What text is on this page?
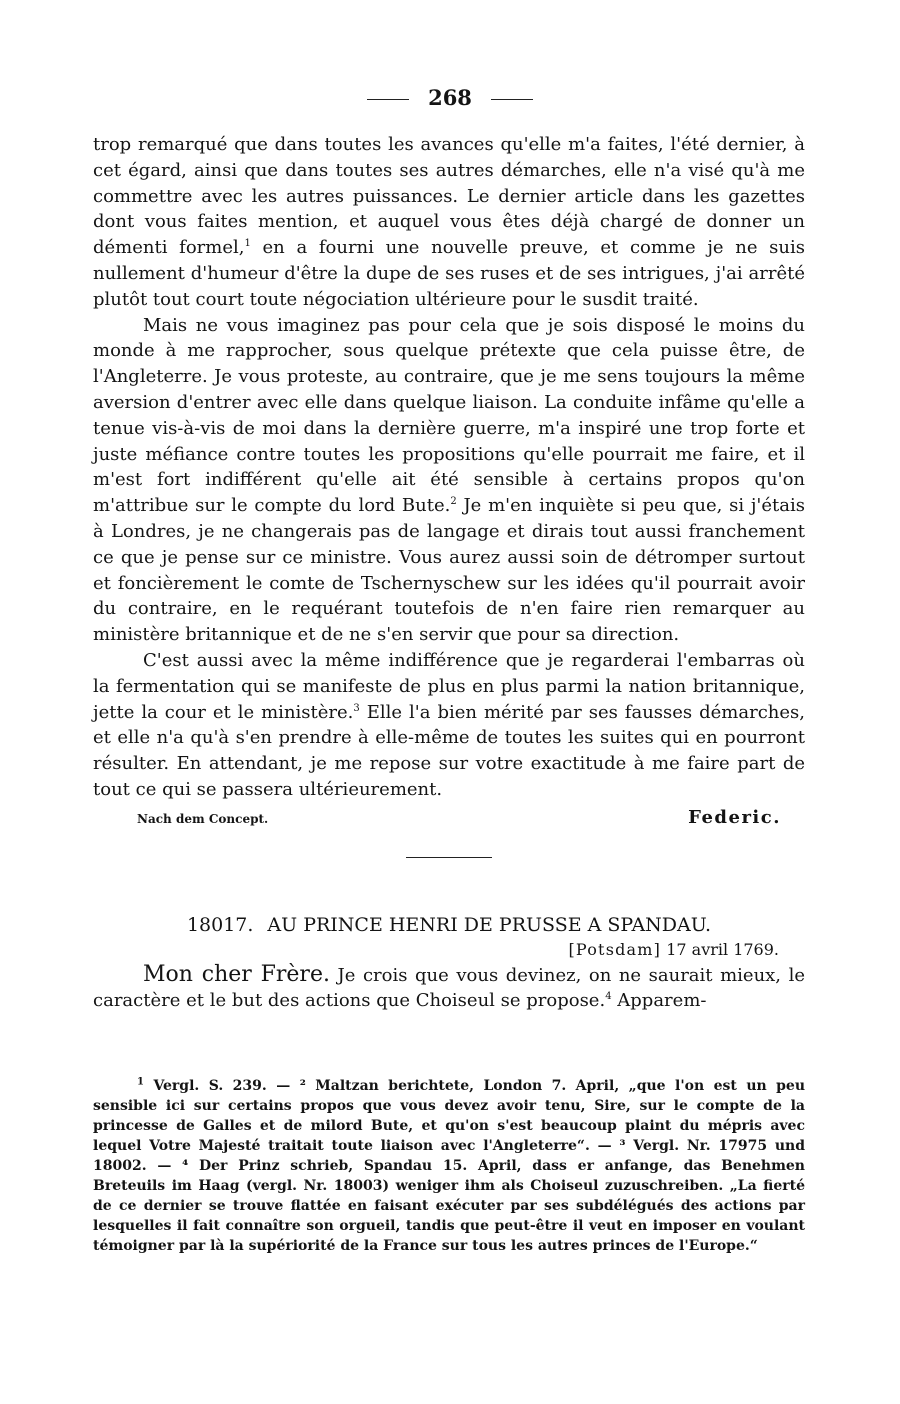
268

trop remarqué que dans toutes les avances qu'elle m'a faites, l'été dernier, à cet égard, ainsi que dans toutes ses autres démarches, elle n'a visé qu'à me commettre avec les autres puissances. Le dernier article dans les gazettes dont vous faites mention, et auquel vous êtes déjà chargé de donner un démenti formel,$^1$ en a fourni une nouvelle preuve, et comme je ne suis nullement d'humeur d'être la dupe de ses ruses et de ses intrigues, j'ai arrêté plutôt tout court toute négociation ultérieure pour le susdit traité.

Mais ne vous imaginez pas pour cela que je sois disposé le moins du monde à me rapprocher, sous quelque prétexte que cela puisse être, de l'Angleterre. Je vous proteste, au contraire, que je me sens toujours la même aversion d'entrer avec elle dans quelque liaison. La conduite infâme qu'elle a tenue vis-à-vis de moi dans la dernière guerre, m'a inspiré une trop forte et juste méfiance contre toutes les propositions qu'elle pourrait me faire, et il m'est fort indifférent qu'elle ait été sensible à certains propos qu'on m'attribue sur le compte du lord Bute.$^2$ Je m'en inquiète si peu que, si j'étais à Londres, je ne changerais pas de langage et dirais tout aussi franchement ce que je pense sur ce ministre. Vous aurez aussi soin de détromper surtout et foncièrement le comte de Tschernyschew sur les idées qu'il pourrait avoir du contraire, en le requérant toutefois de n'en faire rien remarquer au ministère britannique et de ne s'en servir que pour sa direction.

C'est aussi avec la même indifférence que je regarderai l'embarras où la fermentation qui se manifeste de plus en plus parmi la nation britannique, jette la cour et le ministère.$^3$ Elle l'a bien mérité par ses fausses démarches, et elle n'a qu'à s'en prendre à elle-même de toutes les suites qui en pourront résulter. En attendant, je me repose sur votre exactitude à me faire part de tout ce qui se passera ultérieurement.

Nach dem Concept.	Federic.
18017. AU PRINCE HENRI DE PRUSSE A SPANDAU.
[Potsdam] 17 avril 1769.

Mon cher Frère. Je crois que vous devinez, on ne saurait mieux, le caractère et le but des actions que Choiseul se propose.$^4$ Apparem-

$^1$ Vergl. S. 239. — ² Maltzan berichtete, London 7. April, „que l'on est un peu sensible ici sur certains propos que vous devez avoir tenu, Sire, sur le compte de la princesse de Galles et de milord Bute, et qu'on s'est beaucoup plaint du mépris avec lequel Votre Majesté traitait toute liaison avec l'Angleterre“. — ³ Vergl. Nr. 17975 und 18002. — ⁴ Der Prinz schrieb, Spandau 15. April, dass er anfange, das Benehmen Breteuils im Haag (vergl. Nr. 18003) weniger ihm als Choiseul zuzuschreiben. „La fierté de ce dernier se trouve flattée en faisant exécuter par ses subdélégués des actions par lesquelles il fait connaître son orgueil, tandis que peut-être il veut en imposer en voulant témoigner par là la supériorité de la France sur tous les autres princes de l'Europe.“
